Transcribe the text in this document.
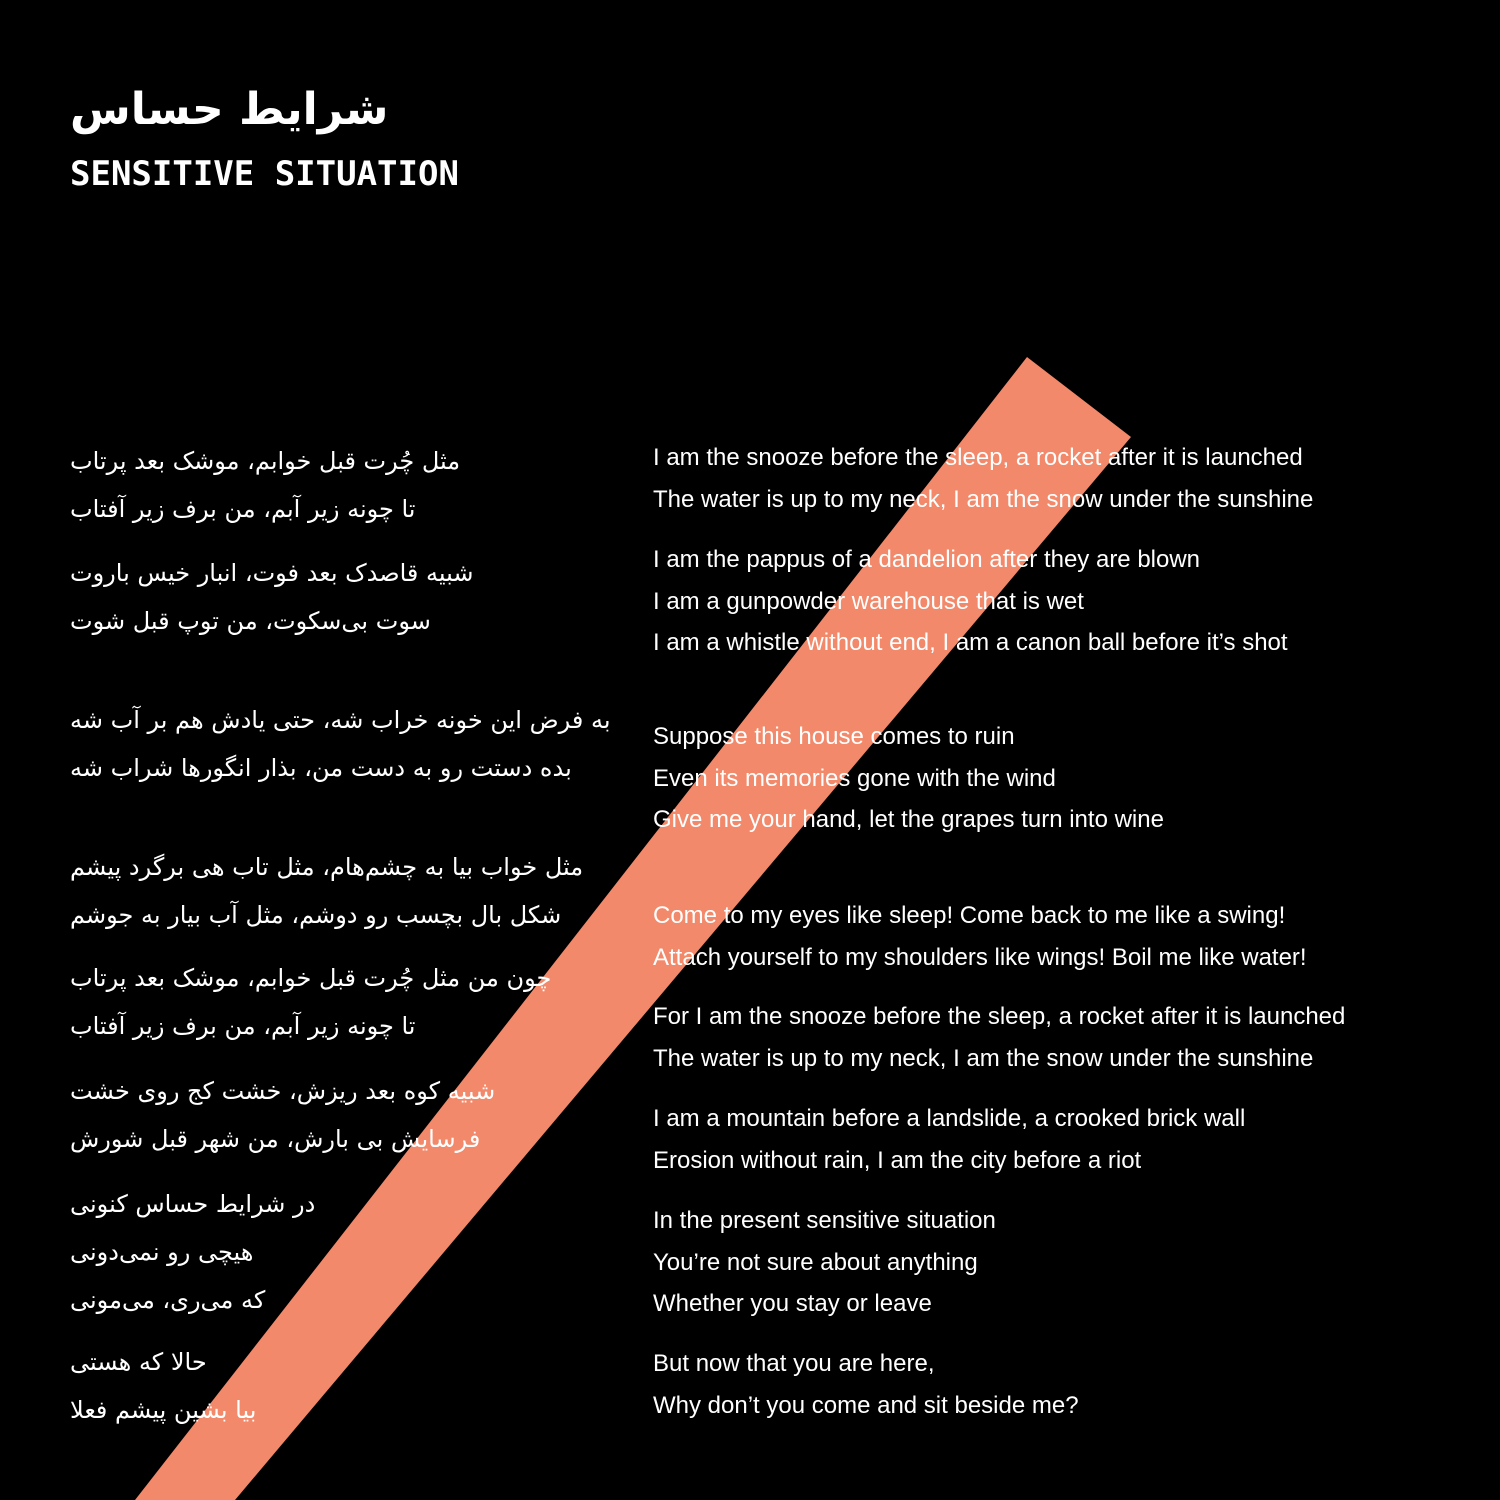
شرایط حساس
SENSITIVE SITUATION
مثل چُرت قبل خوابم، موشک بعد پرتاب
تا چونه زیر آبم، من برف زیر آفتاب
شبیه قاصدک بعد فوت، انبار خیس باروت
سوت بی‌سکوت، من توپ قبل شوت
به فرض این خونه خراب شه، حتی یادش هم بر آب شه
بده دستت رو به دست من، بذار انگورها شراب شه
مثل خواب بیا به چشم‌هام، مثل تاب هی برگرد پیشم
شکل بال بچسب رو دوشم، مثل آب بیار به جوشم
چون من مثل چُرت قبل خوابم، موشک بعد پرتاب
تا چونه زیر آبم، من برف زیر آفتاب
شبیه کوه بعد ریزش، خشت کج روی خشت
فرسایش بی بارش، من شهر قبل شورش
در شرایط حساس کنونی
هیچی رو نمی‌دونی
که می‌ری، می‌مونی
حالا که هستی
بیا بشین پیشم فعلا
I am the snooze before the sleep, a rocket after it is launched
The water is up to my neck, I am the snow under the sunshine
I am the pappus of a dandelion after they are blown
I am a gunpowder warehouse that is wet
I am a whistle without end, I am a canon ball before it’s shot
Suppose this house comes to ruin
Even its memories gone with the wind
Give me your hand, let the grapes turn into wine
Come to my eyes like sleep! Come back to me like a swing!
Attach yourself to my shoulders like wings! Boil me like water!
For I am the snooze before the sleep, a rocket after it is launched
The water is up to my neck, I am the snow under the sunshine
I am a mountain before a landslide, a crooked brick wall
Erosion without rain, I am the city before a riot
In the present sensitive situation
You’re not sure about anything
Whether you stay or leave
But now that you are here,
Why don’t you come and sit beside me?
